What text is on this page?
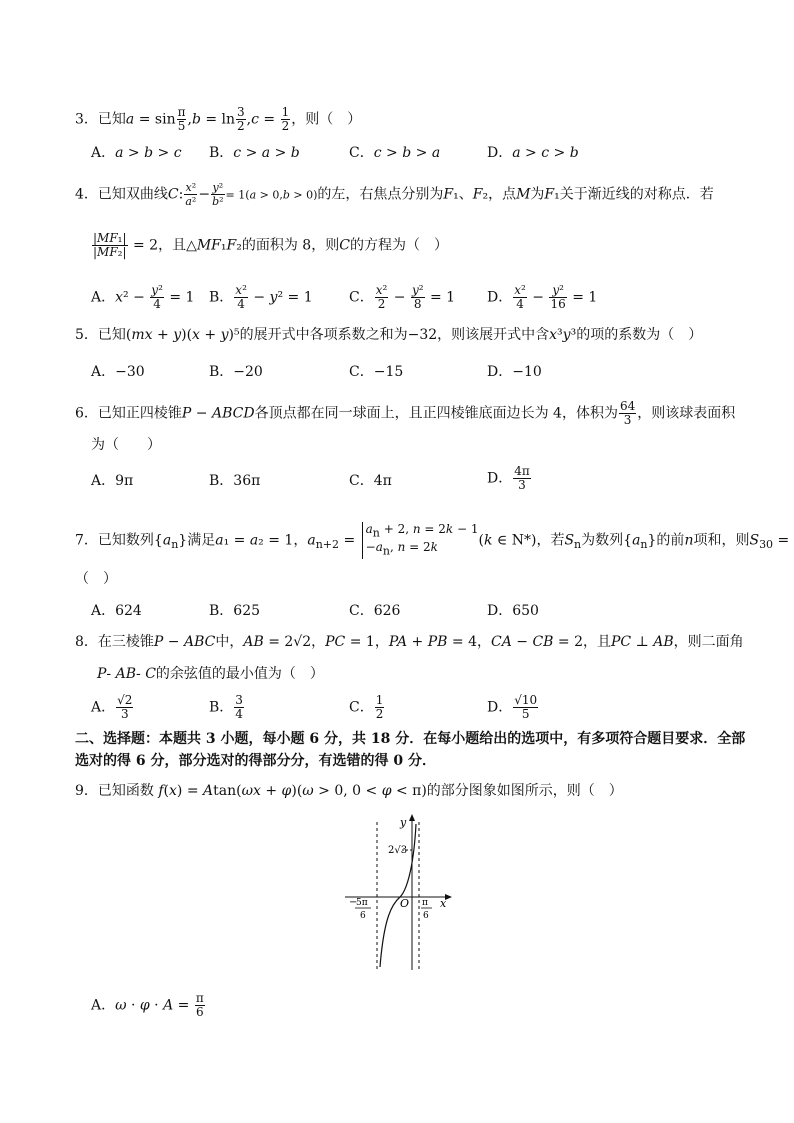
3．已知$a = \sin \frac{\pi}{5} ,b = \ln \frac{3}{2} ,c = \frac{1}{2}$ ，则（　）
A．a > b > c B．c > a > b	C．c > b > a	D．a > c > b
4．已知双曲线C: $\frac{\text{x²}}{\text{a²}} - \frac{\text{y²}}{\text{b²}} = 1(a > 0,b > 0)$的左，右焦点分别为F₁、F₂，点M为F₁关于渐近线的对称点．若
$\frac{\text{|MF₁|}}{\text{|MF₂|}} = 2$，且△MF₁F₂的面积为 8，则C的方程为（　）
A．$x^2 - \frac{\text{y²}}{4} = 1$ B． $\frac{\text{x²}}{4} - y^2 = 1$	C． $\frac{\text{x²}}{2} - \frac{\text{y²}}{8} = 1$ D． $\frac{\text{x²}}{4} - \frac{\text{y²}}{16} = 1$
5．已知(mx + y)(x + y)⁵的展开式中各项系数之和为−32，则该展开式中含x³y³的项的系数为（　）
A．−30	B．−20	C．−15	D．−10
6．已知正四棱锥P − ABCD各顶点都在同一球面上，且正四棱锥底面边长为 4，体积为 $\frac{64}{3}$ ，则该球表面积
为（　　）
A．9π	B．36π	C．4π	D． $\frac{4\pi}{3}$
7．已知数列$\{a_n\}$满足a₁ = a₂ = 1，$a_{n+2}$ =
$a_n + 2$, n = 2k − 1
$-a_n$, n = 2k	(k ∈ N*)，若$S_n$为数列$\{a_n\}$的前n项和，则$S_{30}$ =
（　）
A．624	B．625	C．626	D．650
8．在三棱锥P − ABC中，AB = 2√2，PC = 1，PA + PB = 4，CA − CB = 2，且PC ⊥ AB，则二面角
P- AB- C的余弦值的最小值为（　）
A． $\frac{√2}{3}$	B． $\frac{3}{4}$	C． $\frac{1}{2}$	D． $\frac{√10}{5}$
二、选择题：本题共 3 小题，每小题 6 分，共 18 分．在每小题给出的选项中，有多项符合题目要求．全部
选对的得 6 分，部分选对的得部分分，有选错的得 0 分．
9．已知函数 f(x) = Atan(ωx + φ)(ω > 0, 0 < φ < π)的部分图象如图所示，则（　）
y
x
O
2√3
−
5π
6
π
6
A．$\omega \cdot \varphi \cdot A = \frac{\pi}{6}$
